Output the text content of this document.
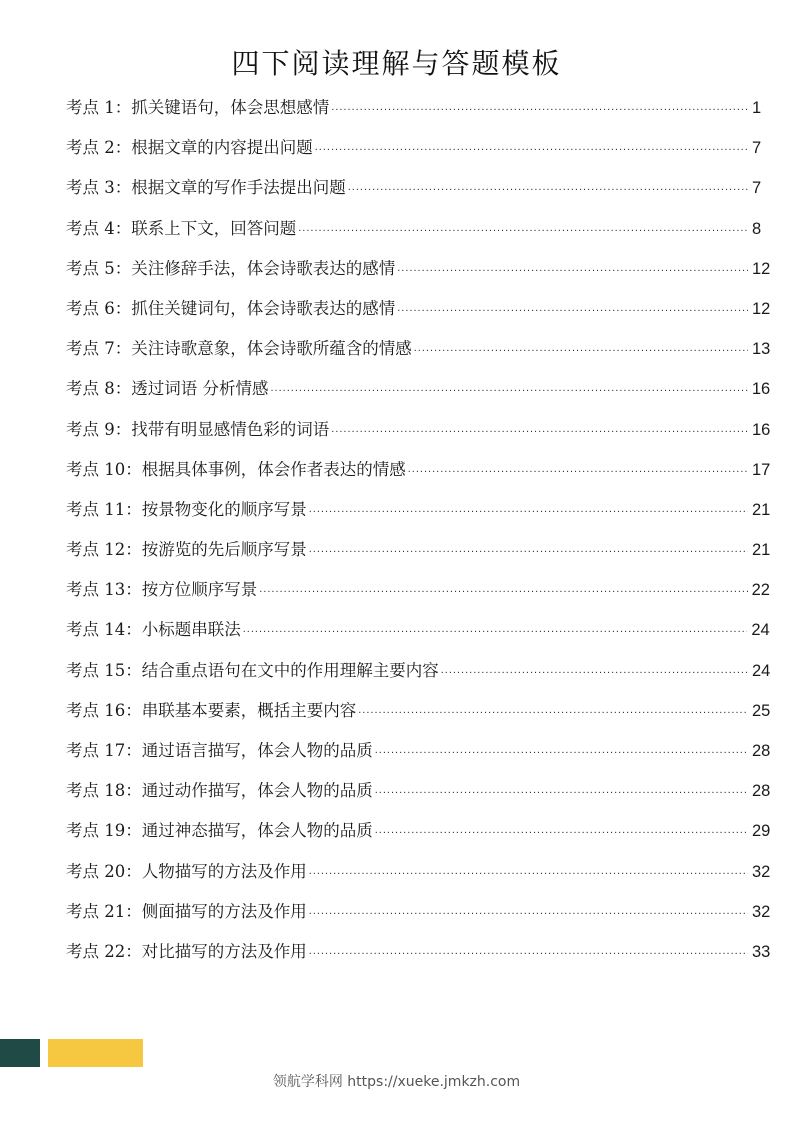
四下阅读理解与答题模板
考点 1：抓关键语句，体会思想感情 .....	1
考点 2：根据文章的内容提出问题 .....	7
考点 3：根据文章的写作手法提出问题 .....	7
考点 4：联系上下文，回答问题 .....	8
考点 5：关注修辞手法，体会诗歌表达的感情 .....	12
考点 6：抓住关键词句，体会诗歌表达的感情 .....	12
考点 7：关注诗歌意象，体会诗歌所蕴含的情感 .....	13
考点 8：透过词语 分析情感 .....	16
考点 9：找带有明显感情色彩的词语 .....	16
考点 10：根据具体事例，体会作者表达的情感 .....	17
考点 11：按景物变化的顺序写景 .....	21
考点 12：按游览的先后顺序写景 .....	21
考点 13：按方位顺序写景 .....	22
考点 14：小标题串联法 .....	24
考点 15：结合重点语句在文中的作用理解主要内容 .....	24
考点 16：串联基本要素，概括主要内容 .....	25
考点 17：通过语言描写，体会人物的品质 .....	28
考点 18：通过动作描写，体会人物的品质 .....	28
考点 19：通过神态描写，体会人物的品质 .....	29
考点 20：人物描写的方法及作用 .....	32
考点 21：侧面描写的方法及作用 .....	32
考点 22：对比描写的方法及作用 .....	33
领航学科网 https://xueke.jmkzh.com
